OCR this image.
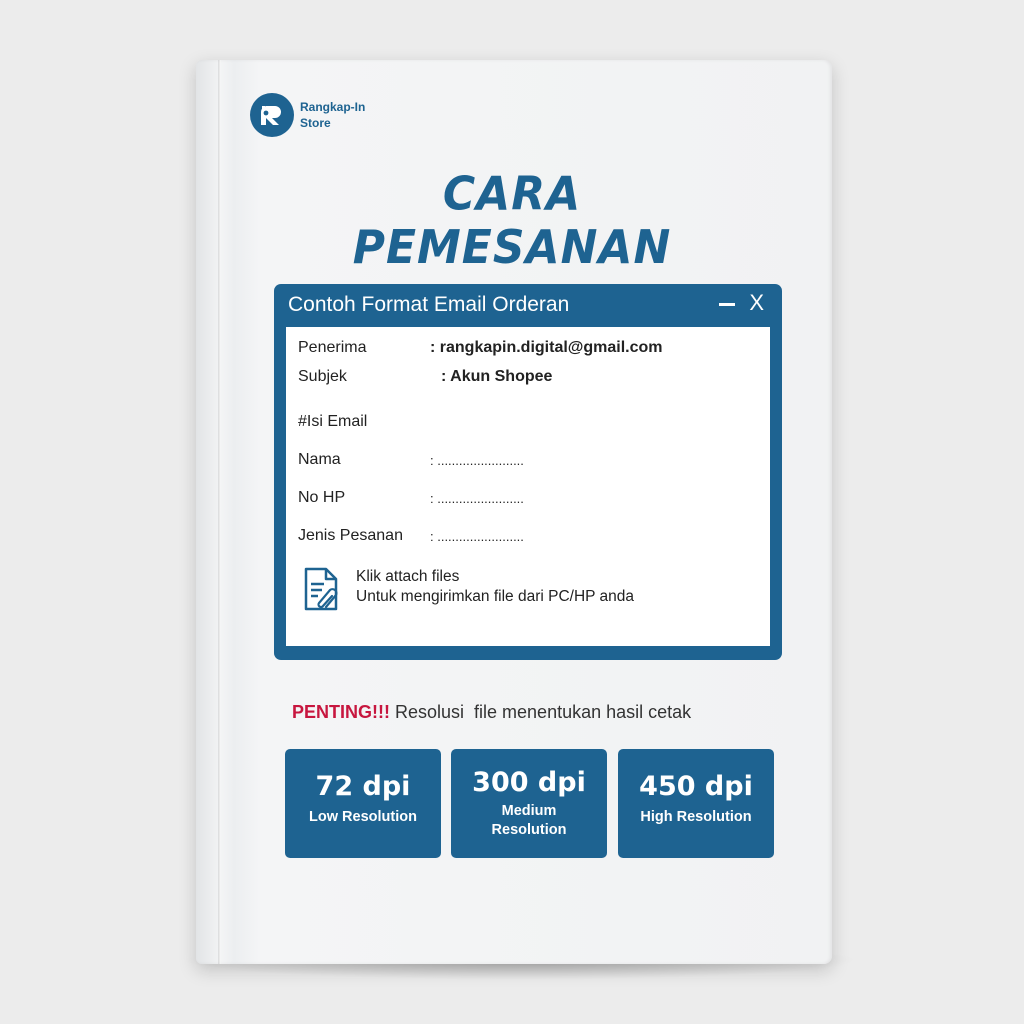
Rangkap-In
Store
CARA PEMESANAN
Contoh Format Email Orderan	X
Penerima	: rangkapin.digital@gmail.com
Subjek	: Akun Shopee
#Isi Email
Nama	: ........................
No HP	: ........................
Jenis Pesanan : ........................
Klik attach files
Untuk mengirimkan file dari PC/HP anda
PENTING!!! Resolusi  file menentukan hasil cetak
72 dpi
Low Resolution
300 dpi
Medium
Resolution
450 dpi
High Resolution
